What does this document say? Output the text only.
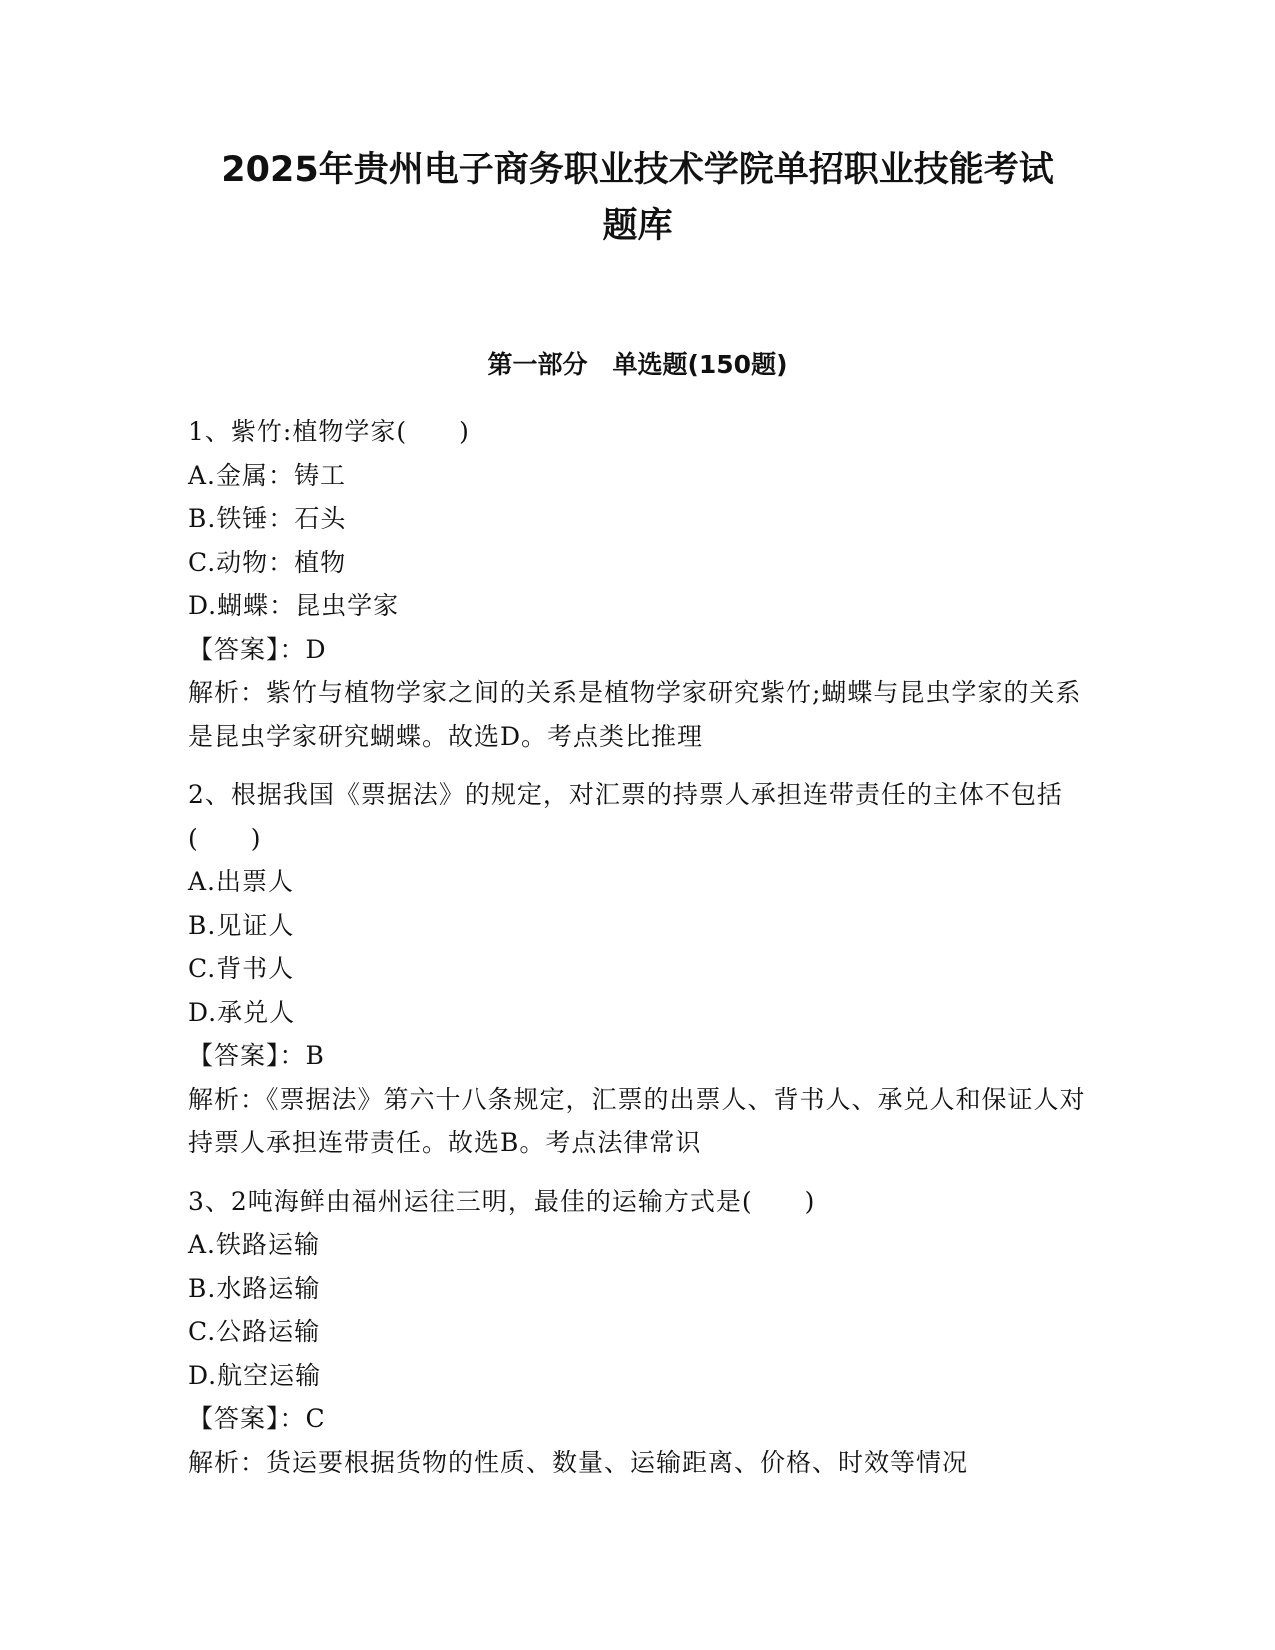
2025年贵州电子商务职业技术学院单招职业技能考试
题库
第一部分　单选题(150题)
1、紫竹:植物学家(　　)
A.金属：铸工
B.铁锤：石头
C.动物：植物
D.蝴蝶：昆虫学家
【答案】：D
解析：紫竹与植物学家之间的关系是植物学家研究紫竹;蝴蝶与昆虫学家的关系是昆虫学家研究蝴蝶。故选D。考点类比推理
2、根据我国《票据法》的规定，对汇票的持票人承担连带责任的主体不包括(　　)
A.出票人
B.见证人
C.背书人
D.承兑人
【答案】：B
解析：《票据法》第六十八条规定，汇票的出票人、背书人、承兑人和保证人对持票人承担连带责任。故选B。考点法律常识
3、2吨海鲜由福州运往三明，最佳的运输方式是(　　)
A.铁路运输
B.水路运输
C.公路运输
D.航空运输
【答案】：C
解析：货运要根据货物的性质、数量、运输距离、价格、时效等情况
